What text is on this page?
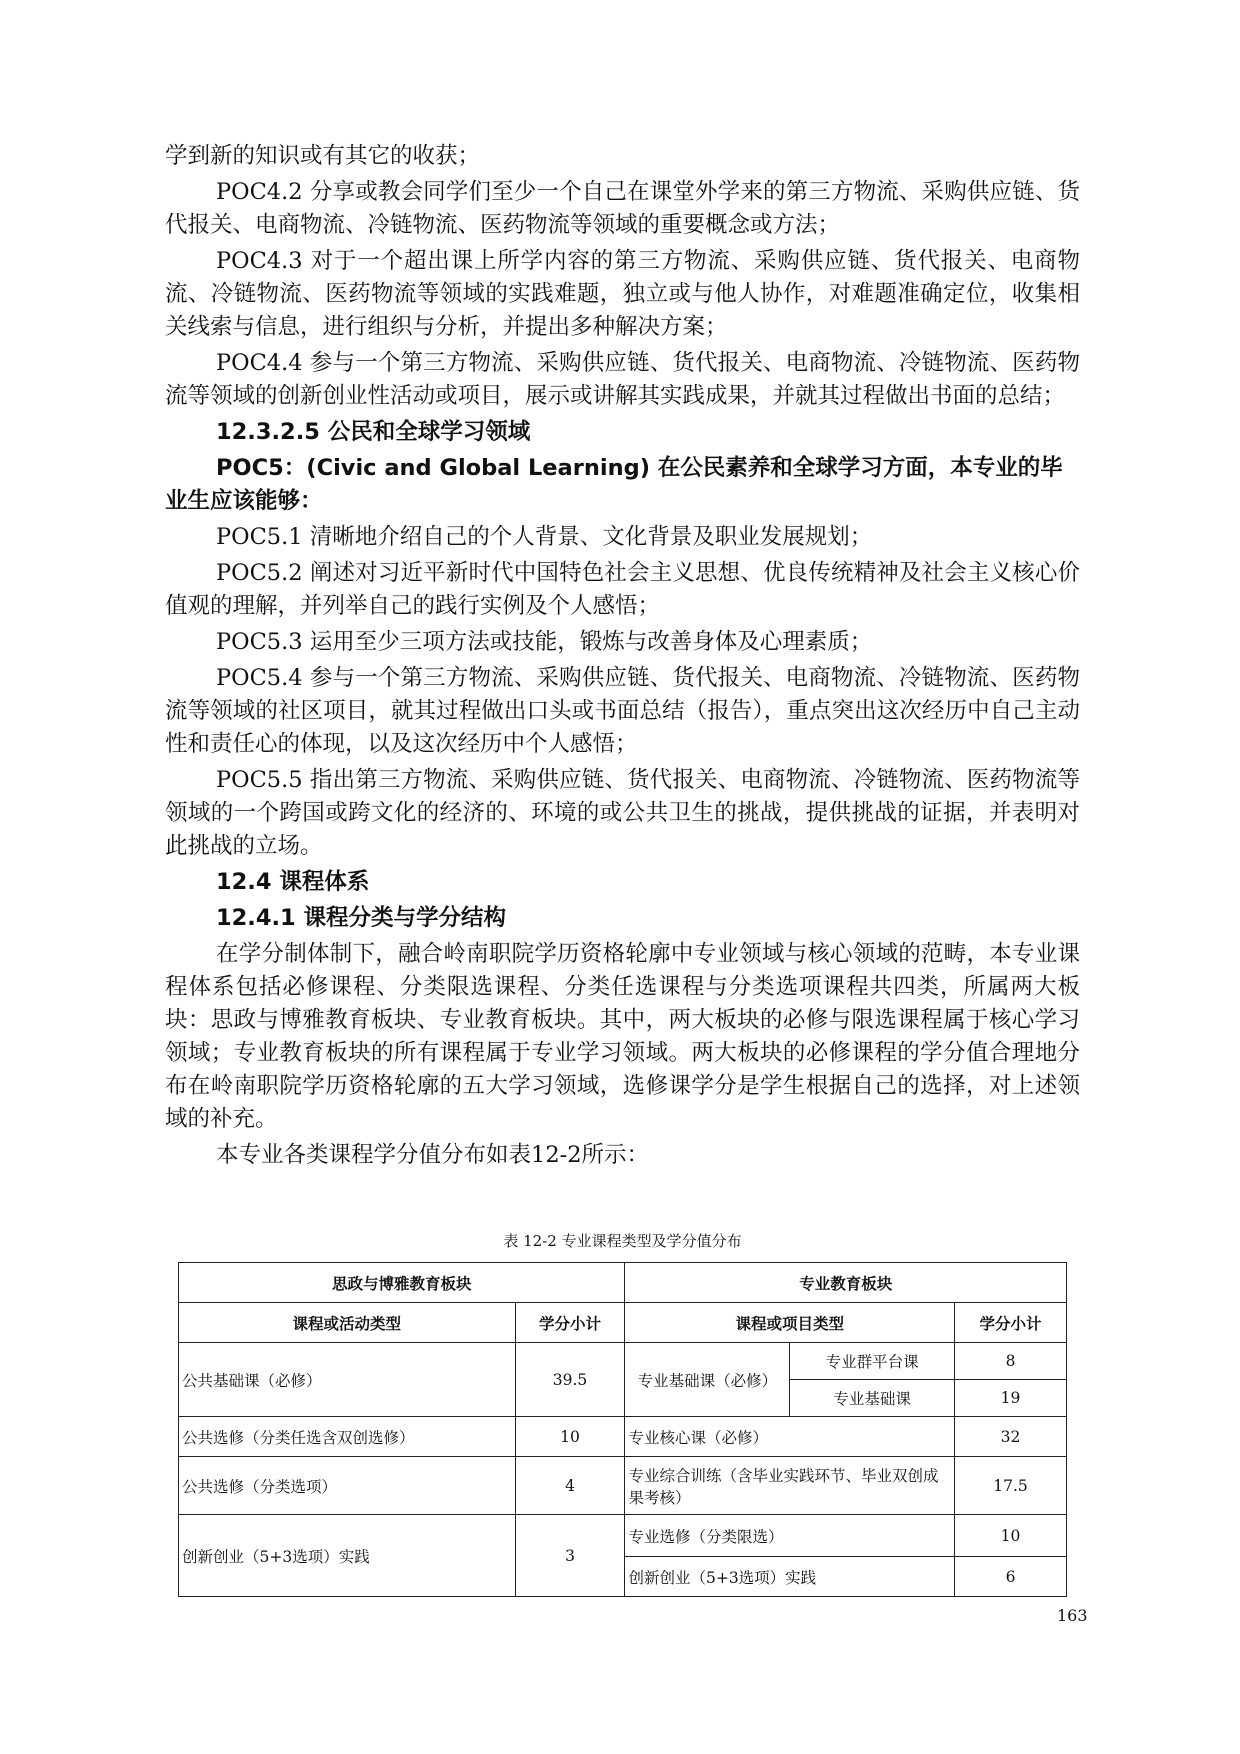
学到新的知识或有其它的收获；

POC4.2 分享或教会同学们至少一个自己在课堂外学来的第三方物流、采购供应链、货代报关、电商物流、冷链物流、医药物流等领域的重要概念或方法；

POC4.3 对于一个超出课上所学内容的第三方物流、采购供应链、货代报关、电商物流、冷链物流、医药物流等领域的实践难题，独立或与他人协作，对难题准确定位，收集相关线索与信息，进行组织与分析，并提出多种解决方案；

POC4.4 参与一个第三方物流、采购供应链、货代报关、电商物流、冷链物流、医药物流等领域的创新创业性活动或项目，展示或讲解其实践成果，并就其过程做出书面的总结；

12.3.2.5 公民和全球学习领域

POC5：(Civic and Global Learning) 在公民素养和全球学习方面，本专业的毕业生应该能够：

POC5.1 清晰地介绍自己的个人背景、文化背景及职业发展规划；

POC5.2 阐述对习近平新时代中国特色社会主义思想、优良传统精神及社会主义核心价值观的理解，并列举自己的践行实例及个人感悟；

POC5.3 运用至少三项方法或技能，锻炼与改善身体及心理素质；

POC5.4 参与一个第三方物流、采购供应链、货代报关、电商物流、冷链物流、医药物流等领域的社区项目，就其过程做出口头或书面总结（报告），重点突出这次经历中自己主动性和责任心的体现，以及这次经历中个人感悟；

POC5.5 指出第三方物流、采购供应链、货代报关、电商物流、冷链物流、医药物流等领域的一个跨国或跨文化的经济的、环境的或公共卫生的挑战，提供挑战的证据，并表明对此挑战的立场。

12.4 课程体系

12.4.1 课程分类与学分结构

在学分制体制下，融合岭南职院学历资格轮廓中专业领域与核心领域的范畴，本专业课程体系包括必修课程、分类限选课程、分类任选课程与分类选项课程共四类，所属两大板块：思政与博雅教育板块、专业教育板块。其中，两大板块的必修与限选课程属于核心学习领域；专业教育板块的所有课程属于专业学习领域。两大板块的必修课程的学分值合理地分布在岭南职院学历资格轮廓的五大学习领域，选修课学分是学生根据自己的选择，对上述领域的补充。

本专业各类课程学分值分布如表12-2所示：

表 12-2 专业课程类型及学分值分布
思政与博雅教育板块		专业教育板块		
课程或活动类型	学分小计	课程或项目类型		学分小计
公共基础课（必修）	39.5	专业基础课（必修）	专业群平台课	8
			专业基础课	19
公共选修（分类任选含双创选修）	10	专业核心课（必修）		32
公共选修（分类选项）	4	专业综合训练（含毕业实践环节、毕业双创成果考核）		17.5
创新创业（5+3选项）实践	3	专业选修（分类限选）		10
		创新创业（5+3选项）实践		6
163
